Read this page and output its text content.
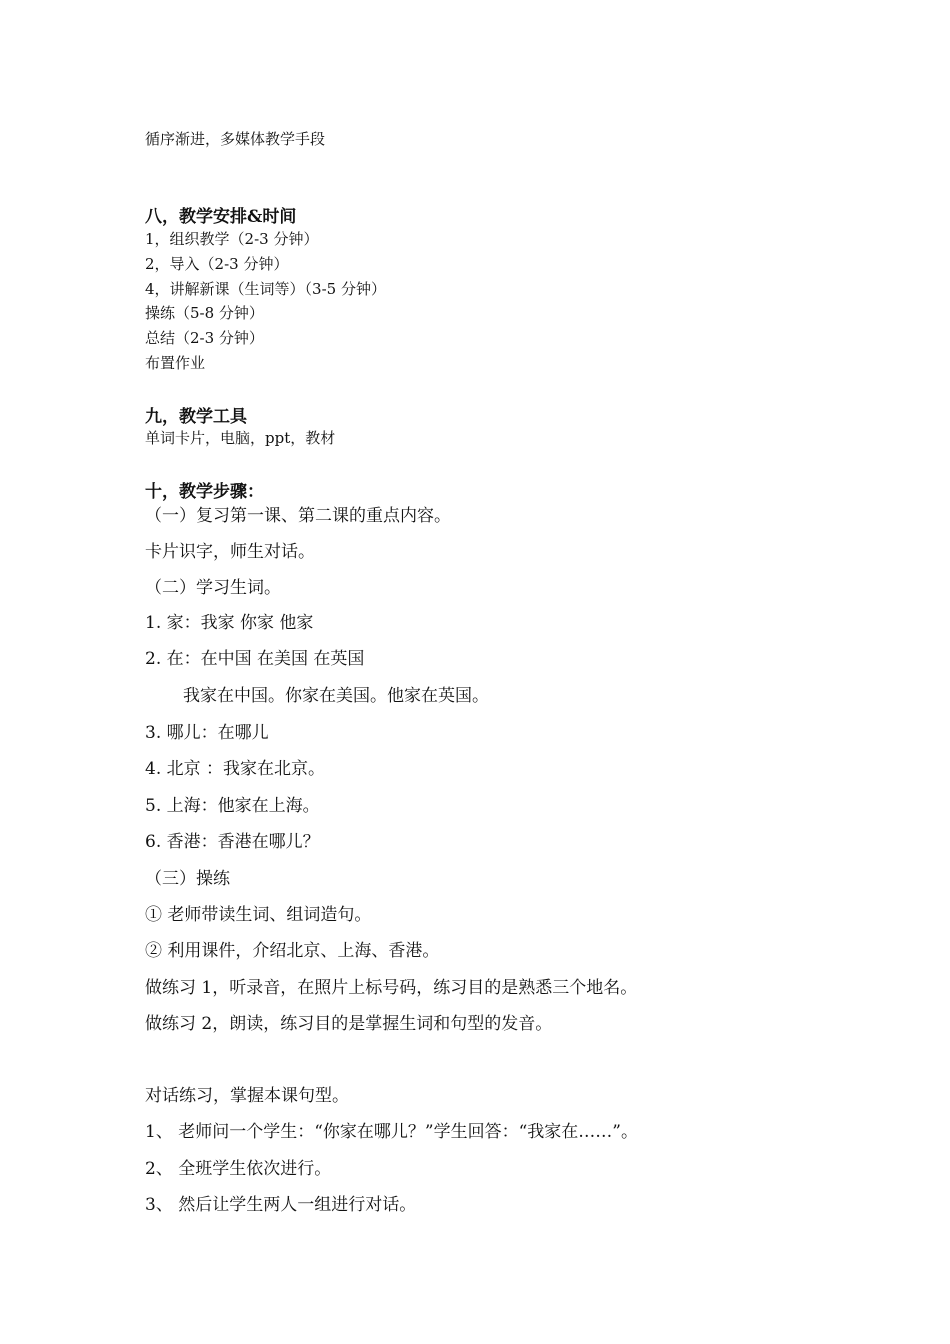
循序渐进，多媒体教学手段
八，教学安排&时间
1，组织教学（2-3 分钟）
2，导入（2-3 分钟）
4，讲解新课（生词等）（3-5 分钟）
操练（5-8 分钟）
总结（2-3 分钟）
布置作业
九，教学工具
单词卡片，电脑，ppt，教材
十，教学步骤：
（一）复习第一课、第二课的重点内容。
卡片识字，师生对话。
（二）学习生词。
1. 家：我家 你家 他家
2. 在：在中国 在美国 在英国
我家在中国。你家在美国。他家在英国。
3. 哪儿：在哪儿
4. 北京 ：我家在北京。
5. 上海：他家在上海。
6. 香港：香港在哪儿？
（三）操练
① 老师带读生词、组词造句。
② 利用课件，介绍北京、上海、香港。
做练习 1，听录音，在照片上标号码，练习目的是熟悉三个地名。
做练习 2，朗读，练习目的是掌握生词和句型的发音。
对话练习，掌握本课句型。
1、 老师问一个学生：“你家在哪儿？”学生回答：“我家在……”。
2、 全班学生依次进行。
3、 然后让学生两人一组进行对话。
